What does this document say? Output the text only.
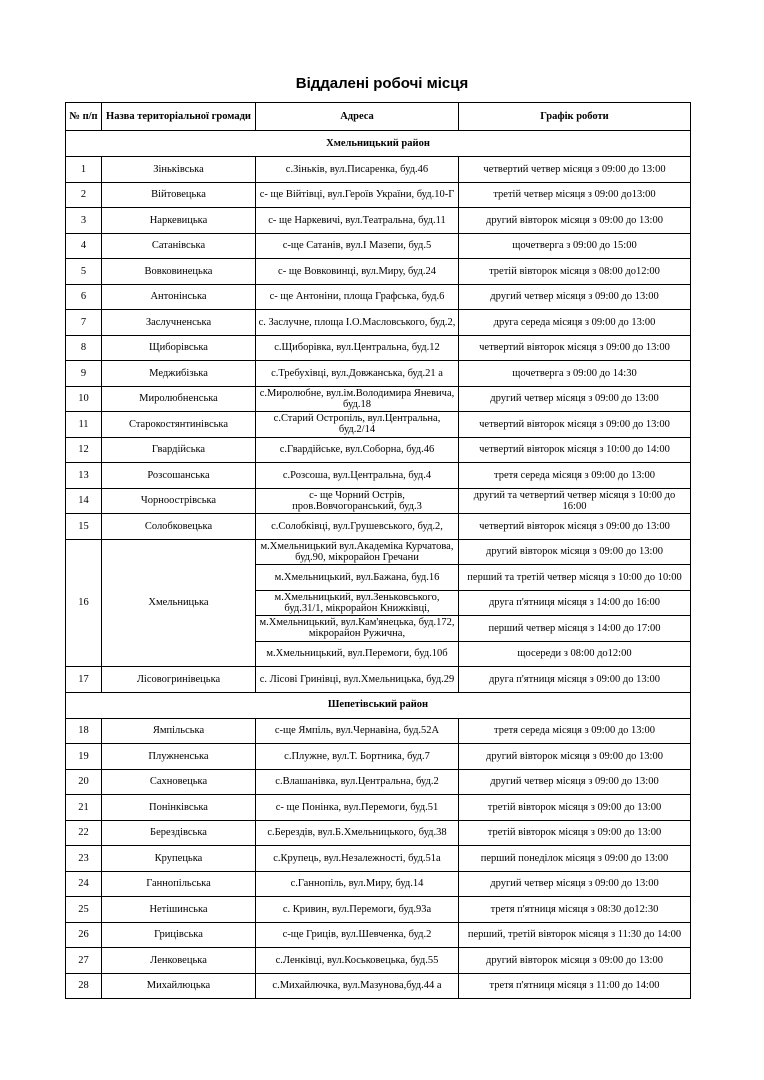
Віддалені робочі місця
№ п/п	Назва територіальної громади	Адреса	Графік роботи
Хмельницький район			
1	Зіньківська	с.Зіньків, вул.Писаренка, буд.46	четвертий четвер місяця з 09:00 до 13:00
2	Війтовецька	с- ще Війтівці, вул.Героїв України, буд.10-Г	третій четвер місяця з 09:00 до13:00
3	Наркевицька	с- ще Наркевичі, вул.Театральна, буд.11	другий вівторок місяця з 09:00 до 13:00
4	Сатанівська	с-ще Сатанів, вул.І Мазепи, буд.5	щочетверга з 09:00 до 15:00
5	Вовковинецька	с- ще Вовковинці, вул.Миру, буд.24	третій вівторок місяця з 08:00 до12:00
6	Антонінська	с- ще Антоніни, площа Графська, буд.6	другий четвер місяця з 09:00 до 13:00
7	Заслучненська	с. Заслучне, площа І.О.Масловського, буд.2,	друга середа місяця з 09:00 до 13:00
8	Щиборівська	с.Щиборівка, вул.Центральна, буд.12	четвертий вівторок місяця з 09:00 до 13:00
9	Меджибізька	с.Требухівці, вул.Довжанська, буд.21 а	щочетверга з 09:00 до 14:30
10	Миролюбненська	с.Миролюбне, вул.ім.Володимира Яневича, буд.18	другий четвер місяця з 09:00 до 13:00
11	Старокостянтинівська	с.Старий Остропіль, вул.Центральна, буд.2/14	четвертий вівторок місяця з 09:00 до 13:00
12	Гвардійська	с.Гвардійське, вул.Соборна, буд.46	четвертий вівторок місяця з 10:00 до 14:00
13	Розсошанська	с.Розсоша, вул.Центральна, буд.4	третя середа місяця з 09:00 до 13:00
14	Чорноострівська	с- ще Чорний Острів, пров.Вовчогоранський, буд.3	другий та четвертий четвер місяця з 10:00 до 16:00
15	Солобковецька	с.Солобківці, вул.Грушевського, буд.2,	четвертий вівторок місяця з 09:00 до 13:00
16	Хмельницька	м.Хмельницький вул.Академіка Курчатова, буд.90, мікрорайон Гречани	другий вівторок місяця з 09:00 до 13:00
		м.Хмельницький, вул.Бажана, буд.16	перший та третій четвер місяця з 10:00 до 10:00
		м.Хмельницький, вул.Зеньковського, буд.31/1, мікрорайон Книжківці,	друга п'ятниця місяця з 14:00 до 16:00
		м.Хмельницький, вул.Кам'янецька, буд.172, мікрорайон Ружична,	перший четвер місяця з 14:00 до 17:00
		м.Хмельницький, вул.Перемоги, буд.10б	щосереди з 08:00 до12:00
17	Лісовогринівецька	с. Лісові Гринівці, вул.Хмельницька, буд.29	друга п'ятниця місяця з 09:00 до 13:00
Шепетівський район			
18	Ямпільська	с-ще Ямпіль, вул.Чернавіна, буд.52А	третя середа місяця з 09:00 до 13:00
19	Плужненська	с.Плужне, вул.Т. Бортника, буд.7	другий вівторок місяця з 09:00 до 13:00
20	Сахновецька	с.Влашанівка, вул.Центральна, буд.2	другий четвер місяця з 09:00 до 13:00
21	Понінківська	с- ще Понінка, вул.Перемоги, буд.51	третій вівторок місяця з 09:00 до 13:00
22	Берездівська	с.Берездів, вул.Б.Хмельницького, буд.38	третій вівторок місяця з 09:00 до 13:00
23	Крупецька	с.Крупець, вул.Незалежності, буд.51а	перший понеділок місяця з 09:00 до 13:00
24	Ганнопільська	с.Ганнопіль, вул.Миру, буд.14	другий четвер місяця з 09:00 до 13:00
25	Нетішинська	с. Кривин, вул.Перемоги, буд.93а	третя п'ятниця місяця з 08:30 до12:30
26	Грицівська	с-ще Гриців, вул.Шевченка, буд.2	перший, третій вівторок місяця з 11:30 до 14:00
27	Ленковецька	с.Ленківці, вул.Коськовецька, буд.55	другий вівторок місяця з 09:00 до 13:00
28	Михайлюцька	с.Михайлючка, вул.Мазунова,буд.44 а	третя п'ятниця місяця з 11:00 до 14:00
